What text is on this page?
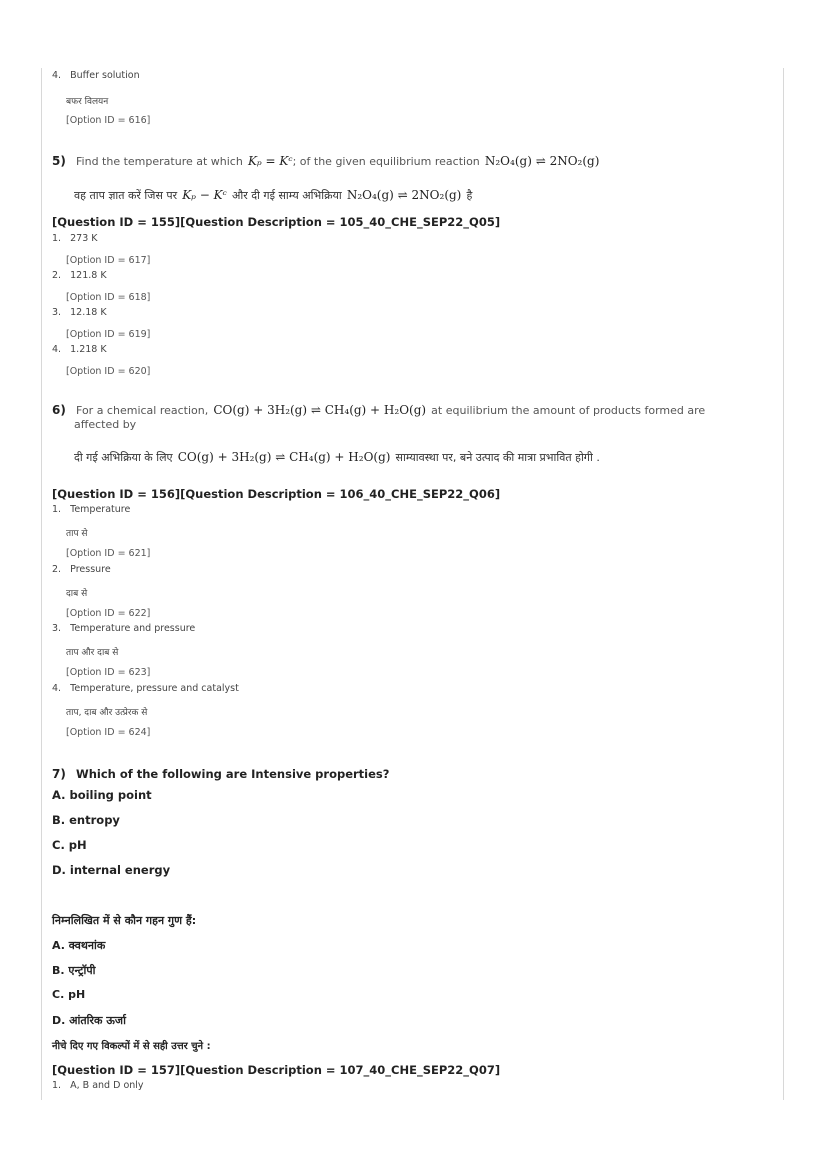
4. Buffer solution
बफर विलयन
[Option ID = 616]
5) Find the temperature at which Kₚ = Kᶜ; of the given equilibrium reaction N₂O₄(g) ⇌ 2NO₂(g)
वह ताप ज्ञात करें जिस पर Kₚ − Kᶜ और दी गई साम्य अभिक्रिया N₂O₄(g) ⇌ 2NO₂(g) है
[Question ID = 155][Question Description = 105_40_CHE_SEP22_Q05]
1. 273 K
[Option ID = 617]
2. 121.8 K
[Option ID = 618]
3. 12.18 K
[Option ID = 619]
4. 1.218 K
[Option ID = 620]
6) For a chemical reaction, CO(g) + 3H₂(g) ⇌ CH₄(g) + H₂O(g) at equilibrium the amount of products formed are
affected by
दी गई अभिक्रिया के लिए CO(g) + 3H₂(g) ⇌ CH₄(g) + H₂O(g) साम्यावस्था पर, बने उत्पाद की मात्रा प्रभावित होगी .
[Question ID = 156][Question Description = 106_40_CHE_SEP22_Q06]
1. Temperature
ताप से
[Option ID = 621]
2. Pressure
दाब से
[Option ID = 622]
3. Temperature and pressure
ताप और दाब से
[Option ID = 623]
4. Temperature, pressure and catalyst
ताप, दाब और उत्प्रेरक से
[Option ID = 624]
7) Which of the following are Intensive properties?
A. boiling point
B. entropy
C. pH
D. internal energy
निम्नलिखित में से कौन गहन गुण हैं:
A. क्वथनांक
B. एन्ट्रॉपी
C. pH
D. आंतरिक ऊर्जा
नीचे दिए गए विकल्पों में से सही उत्तर चुने :
[Question ID = 157][Question Description = 107_40_CHE_SEP22_Q07]
1. A, B and D only
